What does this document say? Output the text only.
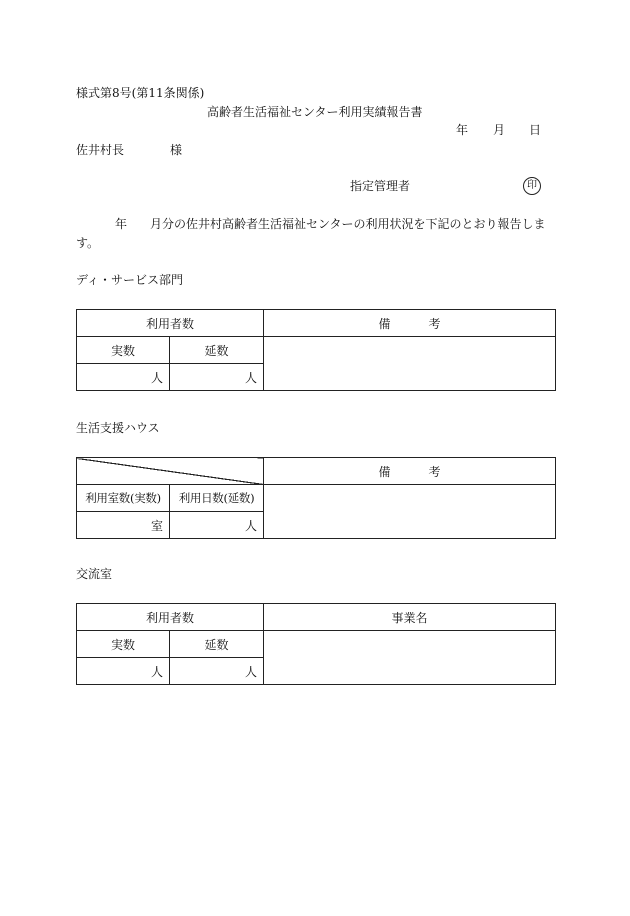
様式第8号(第11条関係)
高齢者生活福祉センター利用実績報告書
年 月 日
佐井村長	様
指定管理者	印
年 月分の佐井村高齢者生活福祉センターの利用状況を下記のとおり報告しま
す。
ディ・サービス部門
利用者数		備 考
実数	延数	
人	人	
生活支援ハウス
		備 考
利用室数(実数)	利用日数(延数)	
室	人	
交流室
利用者数		事業名
実数	延数	
人	人	
